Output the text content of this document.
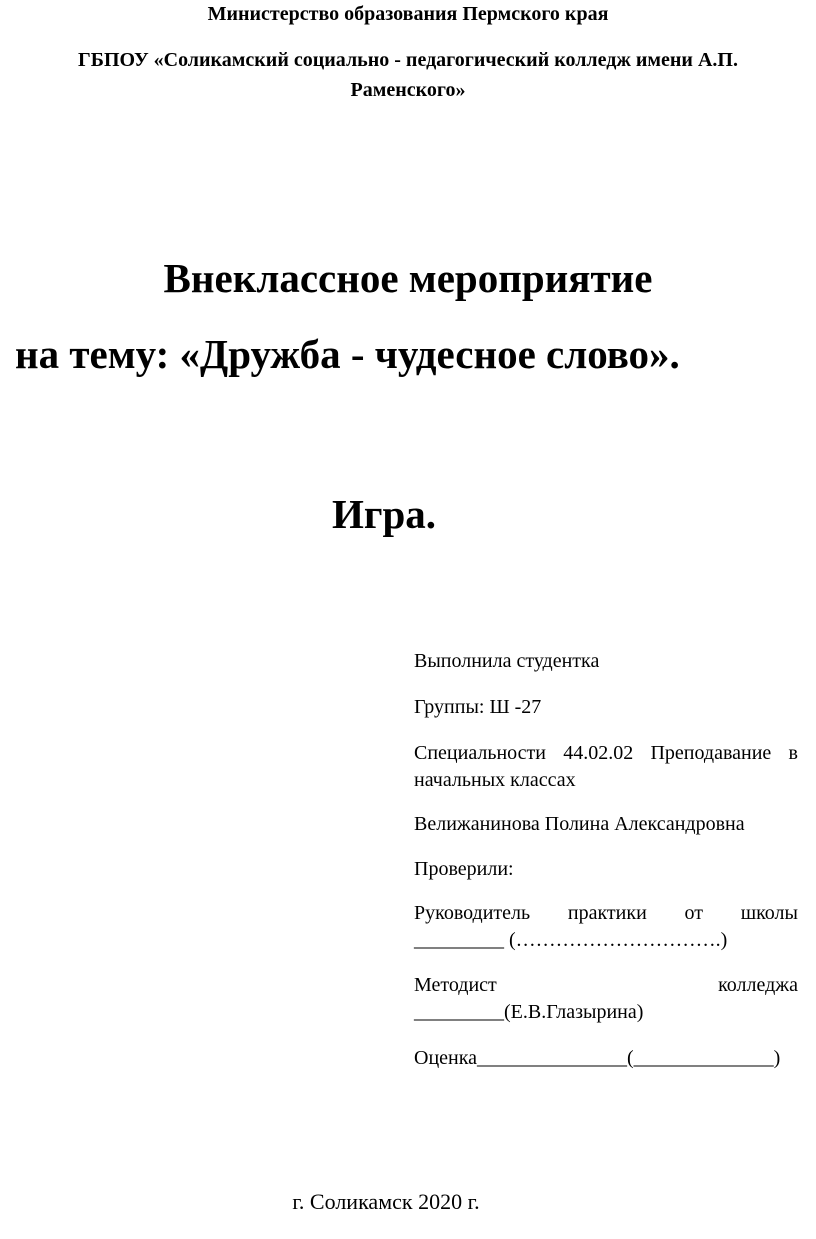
Министерство образования Пермского края
ГБПОУ «Соликамский социально - педагогический колледж имени А.П.
Раменского»
Внеклассное мероприятие
на тему: «Дружба - чудесное слово».
Игра.
Выполнила студентка
Группы: Ш -27
Специальности 44.02.02 Преподавание в
начальных классах
Велижанинова Полина Александровна
Проверили:
Руководитель практики от школы
_________ (………………………….)
Методист	колледжа
_________(Е.В.Глазырина)
Оценка_______________(______________)
г. Соликамск 2020 г.
